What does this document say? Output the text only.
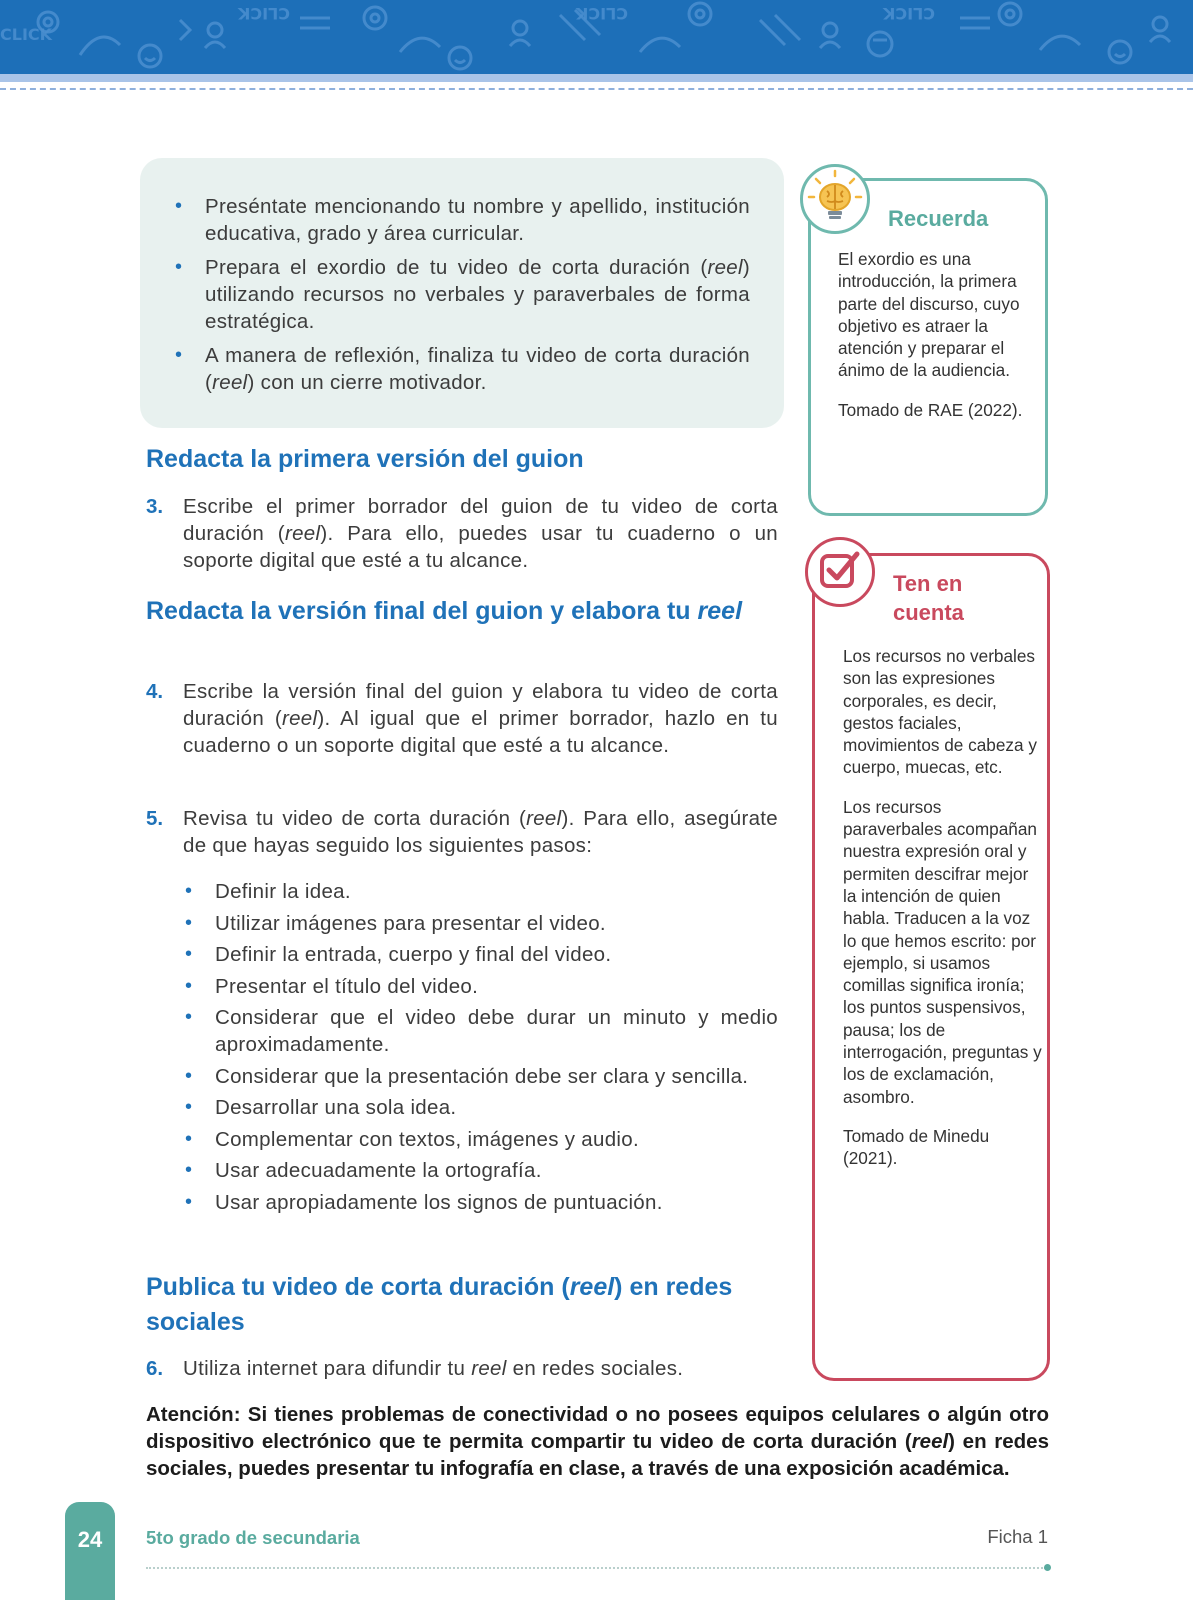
CLICK	CLICK	CLICK
CLICK
• Preséntate mencionando tu nombre y apellido, institución educativa, grado y área curricular.
• Prepara el exordio de tu video de corta duración (reel) utilizando recursos no verbales y paraverbales de forma estratégica.
• A manera de reflexión, finaliza tu video de corta duración (reel) con un cierre motivador.
Redacta la primera versión del guion
3. Escribe el primer borrador del guion de tu video de corta duración (reel). Para ello, puedes usar tu cuaderno o un soporte digital que esté a tu alcance.
Redacta la versión final del guion y elabora tu reel
4. Escribe la versión final del guion y elabora tu video de corta duración (reel). Al igual que el primer borrador, hazlo en tu cuaderno o un soporte digital que esté a tu alcance.
5. Revisa tu video de corta duración (reel). Para ello, asegúrate de que hayas seguido los siguientes pasos:
• Definir la idea.
• Utilizar imágenes para presentar el video.
• Definir la entrada, cuerpo y final del video.
• Presentar el título del video.
• Considerar que el video debe durar un minuto y medio aproximadamente.
• Considerar que la presentación debe ser clara y sencilla.
• Desarrollar una sola idea.
• Complementar con textos, imágenes y audio.
• Usar adecuadamente la ortografía.
• Usar apropiadamente los signos de puntuación.
Publica tu video de corta duración (reel) en redes sociales
6. Utiliza internet para difundir tu reel en redes sociales.

Atención: Si tienes problemas de conectividad o no posees equipos celulares o algún otro dispositivo electrónico que te permita compartir tu video de corta duración (reel) en redes sociales, puedes presentar tu infografía en clase, a través de una exposición académica.

Recuerda

El exordio es una introducción, la primera parte del discurso, cuyo objetivo es atraer la atención y preparar el ánimo de la audiencia.

Tomado de RAE (2022).

Ten en cuenta

Los recursos no verbales son las expresiones corporales, es decir, gestos faciales, movimientos de cabeza y cuerpo, muecas, etc.

Los recursos paraverbales acompañan nuestra expresión oral y permiten descifrar mejor la intención de quien habla. Traducen a la voz lo que hemos escrito: por ejemplo, si usamos comillas significa ironía; los puntos suspensivos, pausa; los de interrogación, preguntas y los de exclamación, asombro.

Tomado de Minedu (2021).

24	5to grado de secundaria	Ficha 1
